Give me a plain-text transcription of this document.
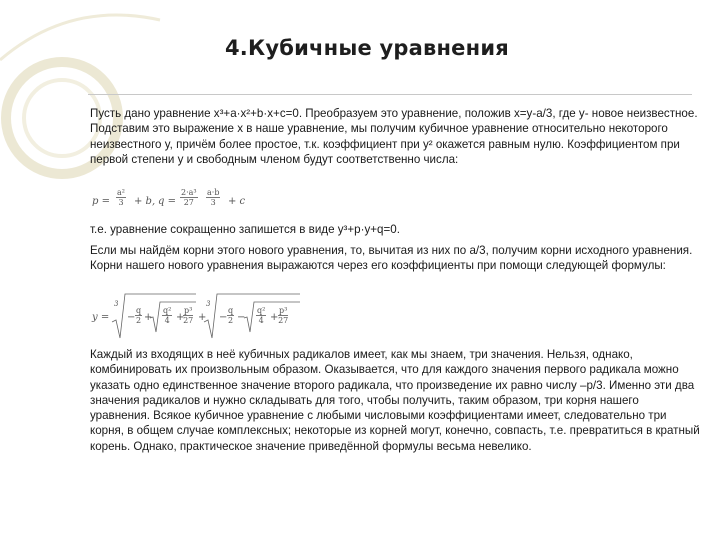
4.Кубичные уравнения
Пусть дано уравнение x³+a·x²+b·x+c=0. Преобразуем это уравнение, положив x=y-a/3, где y- новое неизвестное. Подставим это выражение x в наше уравнение, мы получим кубичное уравнение относительно некоторого неизвестного y, причём более простое, т.к. коэффициент при y² окажется равным нулю. Коэффициентом при первой степени y и свободным членом будут соответственно числа:
$p = \frac{\text{a²}}{3} + b$, $q = \frac{\text{2·a³}}{27} \frac{a\cdot b}{3} + c$
т.е. уравнение сокращенно запишется в виде y³+p·y+q=0.
Если мы найдём корни этого нового уравнения, то, вычитая из них по a/3, получим корни исходного уравнения. Корни нашего нового уравнения выражаются через его коэффициенты при помощи следующей формулы:
y =
3
− $\frac{q}{2} + \frac{\text{q²}}{4}$ +
$\frac{\text{p³}}{27}$ +
3
− $\frac{q}{2} - \frac{\text{q²}}{4} + \frac{\text{p³}}{27}$
Каждый из входящих в неё кубичных радикалов имеет, как мы знаем, три значения. Нельзя, однако, комбинировать их произвольным образом. Оказывается, что для каждого значения первого радикала можно указать одно единственное значение второго радикала, что произведение их равно числу –p/3. Именно эти два значения радикалов и нужно складывать для того, чтобы получить, таким образом, три корня нашего уравнения. Всякое кубичное уравнение с любыми числовыми коэффициентами имеет, следовательно три корня, в общем случае комплексных; некоторые из корней могут, конечно, совпасть, т.е. превратиться в кратный корень. Однако, практическое значение приведённой формулы весьма невелико.
